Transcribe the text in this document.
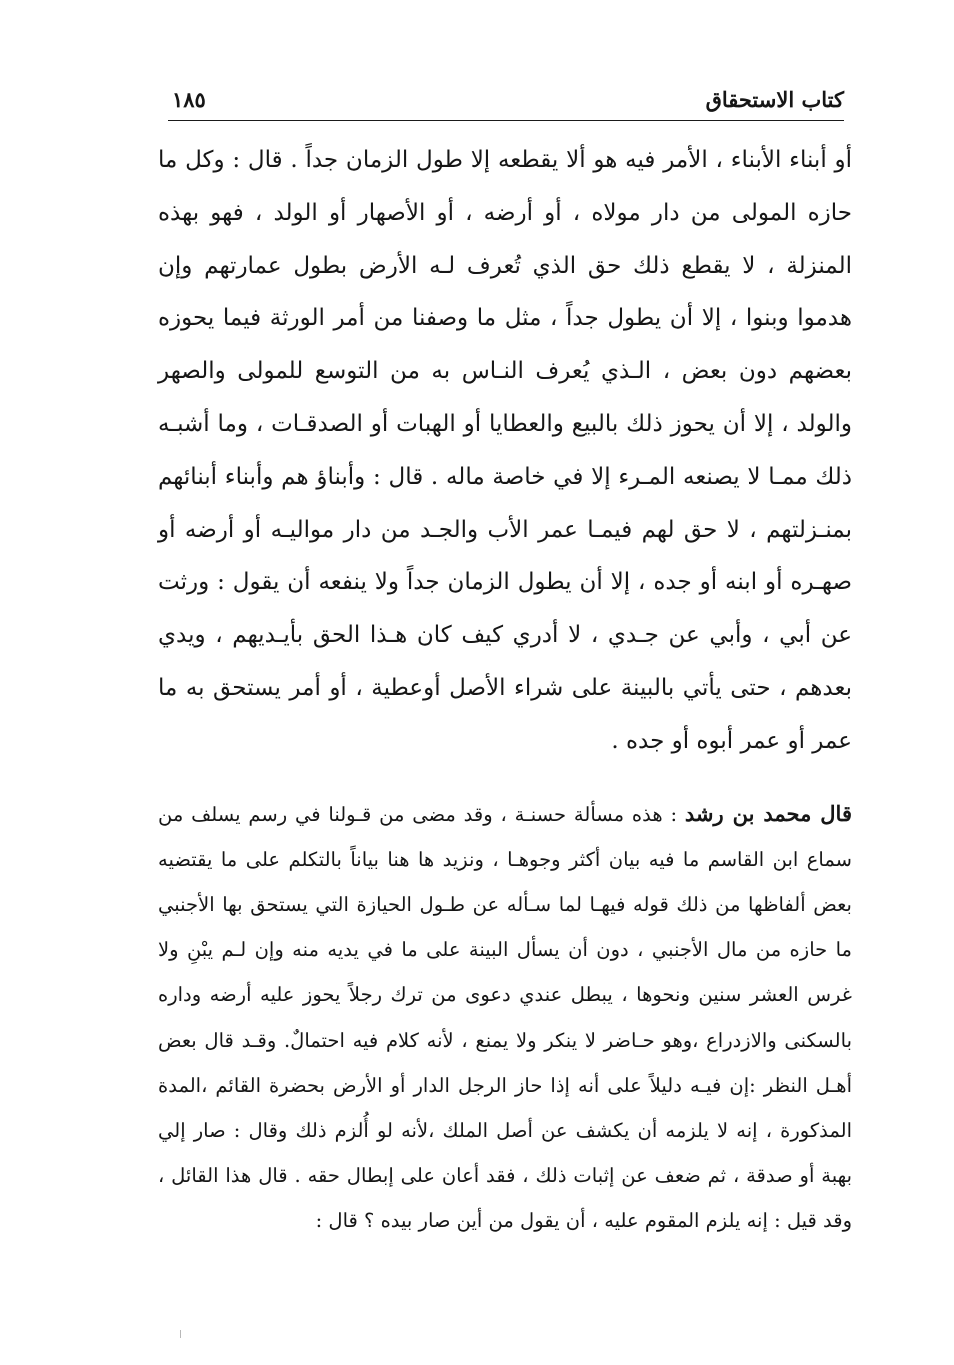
كتاب الاستحقاق
١٨٥

أو أبناء الأبناء ، الأمر فيه هو ألا يقطعه إلا طول الزمان جداً . قال : وكل ما حازه المولى من دار مولاه ، أو أرضه ، أو الأصهار أو الولد ، فهو بهذه المنزلة ، لا يقطع ذلك حق الذي تُعرف لـه الأرض بطول عمارتهم وإن هدموا وبنوا ، إلا أن يطول جداً ، مثل ما وصفنا من أمر الورثة فيما يحوزه بعضهم دون بعض ، الـذي يُعرف النـاس به من التوسع للمولى والصهر والولد ، إلا أن يحوز ذلك بالبيع والعطايا أو الهبات أو الصدقـات ، وما أشبـه ذلك ممـا لا يصنعه المـرء إلا في خاصة ماله . قال : وأبناؤ هم وأبناء أبنائهم بمنـزلتهم ، لا حق لهم فيمـا عمر الأب والجـد من دار مواليـه أو أرضه أو صهـره أو ابنه أو جده ، إلا أن يطول الزمان جداً ولا ينفعه أن يقول : ورثت عن أبي ، وأبي عن جـدي ، لا أدري كيف كان هـذا الحق بأيـديهم ، ويدي بعدهم ، حتى يأتي بالبينة على شراء الأصل أوعطية ، أو أمر يستحق به ما عمر أو عمر أبوه أو جده .

قال محمد بن رشد : هذه مسألة حسنـة ، وقد مضى من قـولنا في رسم يسلف من سماع ابن القاسم ما فيه بيان أكثر وجوهـا ، ونزيد ها هنا بياناً بالتكلم على ما يقتضيه بعض ألفاظها من ذلك قوله فيهـا لما سـأله عن طـول الحيازة التي يستحق بها الأجنبي ما حازه من مال الأجنبي ، دون أن يسأل البينة على ما في يديه منه وإن لـم يبْنِ ولا غرس العشر سنين ونحوها ، يبطل عندي دعوى من ترك رجلاً يحوز عليه أرضه وداره بالسكنى والازدراع ،وهو حـاضر لا ينكر ولا يمنع ، لأنه كلام فيه احتمالٌ. وقـد قال بعض أهـل النظر :إن فيـه دليلاً على أنه إذا حاز الرجل الدار أو الأرض بحضرة القائم ،المدة المذكورة ، إنه لا يلزمه أن يكشف عن أصل الملك ،لأنه لو أُلزم ذلك وقال : صار إلي بهبة أو صدقة ، ثم ضعف عن إثبات ذلك ، فقد أعان على إبطال حقه . قال هذا القائل ، وقد قيل : إنه يلزم المقوم عليه ، أن يقول من أين صار بيده ؟ قال :
